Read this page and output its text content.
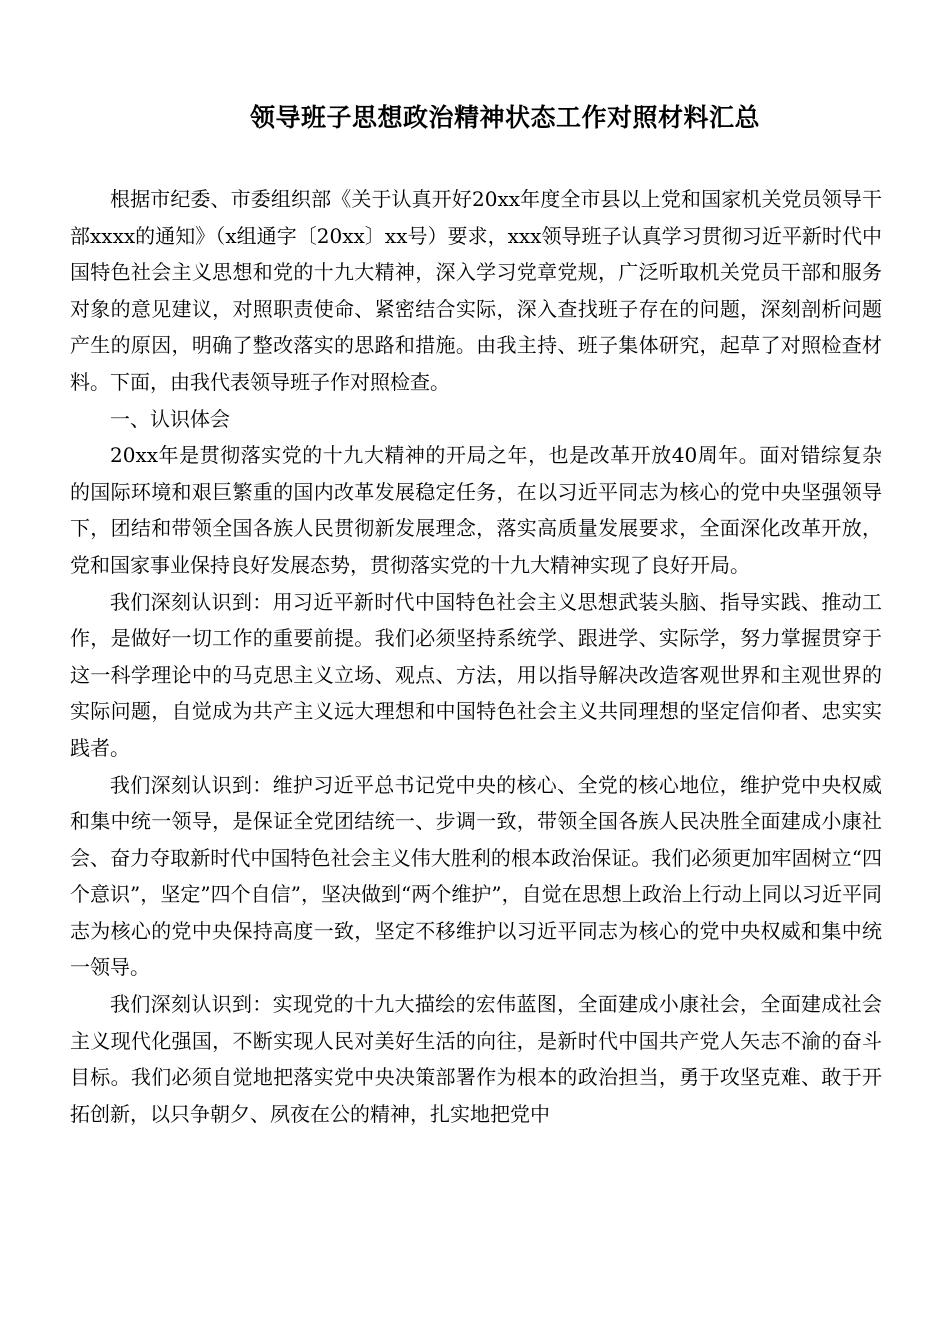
领导班子思想政治精神状态工作对照材料汇总

根据市纪委、市委组织部《关于认真开好20xx年度全市县以上党和国家机关党员领导干部xxxx的通知》（x组通字〔20xx〕xx号）要求，xxx领导班子认真学习贯彻习近平新时代中国特色社会主义思想和党的十九大精神，深入学习党章党规，广泛听取机关党员干部和服务对象的意见建议，对照职责使命、紧密结合实际，深入查找班子存在的问题，深刻剖析问题产生的原因，明确了整改落实的思路和措施。由我主持、班子集体研究，起草了对照检查材料。下面，由我代表领导班子作对照检查。

一、认识体会

20xx年是贯彻落实党的十九大精神的开局之年，也是改革开放40周年。面对错综复杂的国际环境和艰巨繁重的国内改革发展稳定任务，在以习近平同志为核心的党中央坚强领导下，团结和带领全国各族人民贯彻新发展理念，落实高质量发展要求，全面深化改革开放，党和国家事业保持良好发展态势，贯彻落实党的十九大精神实现了良好开局。

我们深刻认识到：用习近平新时代中国特色社会主义思想武装头脑、指导实践、推动工作，是做好一切工作的重要前提。我们必须坚持系统学、跟进学、实际学，努力掌握贯穿于这一科学理论中的马克思主义立场、观点、方法，用以指导解决改造客观世界和主观世界的实际问题，自觉成为共产主义远大理想和中国特色社会主义共同理想的坚定信仰者、忠实实践者。

我们深刻认识到：维护习近平总书记党中央的核心、全党的核心地位，维护党中央权威和集中统一领导，是保证全党团结统一、步调一致，带领全国各族人民决胜全面建成小康社会、奋力夺取新时代中国特色社会主义伟大胜利的根本政治保证。我们必须更加牢固树立“四个意识”，坚定”四个自信”，坚决做到“两个维护”，自觉在思想上政治上行动上同以习近平同志为核心的党中央保持高度一致，坚定不移维护以习近平同志为核心的党中央权威和集中统一领导。

我们深刻认识到：实现党的十九大描绘的宏伟蓝图，全面建成小康社会，全面建成社会主义现代化强国，不断实现人民对美好生活的向往，是新时代中国共产党人矢志不渝的奋斗目标。我们必须自觉地把落实党中央决策部署作为根本的政治担当，勇于攻坚克难、敢于开拓创新，以只争朝夕、夙夜在公的精神，扎实地把党中
